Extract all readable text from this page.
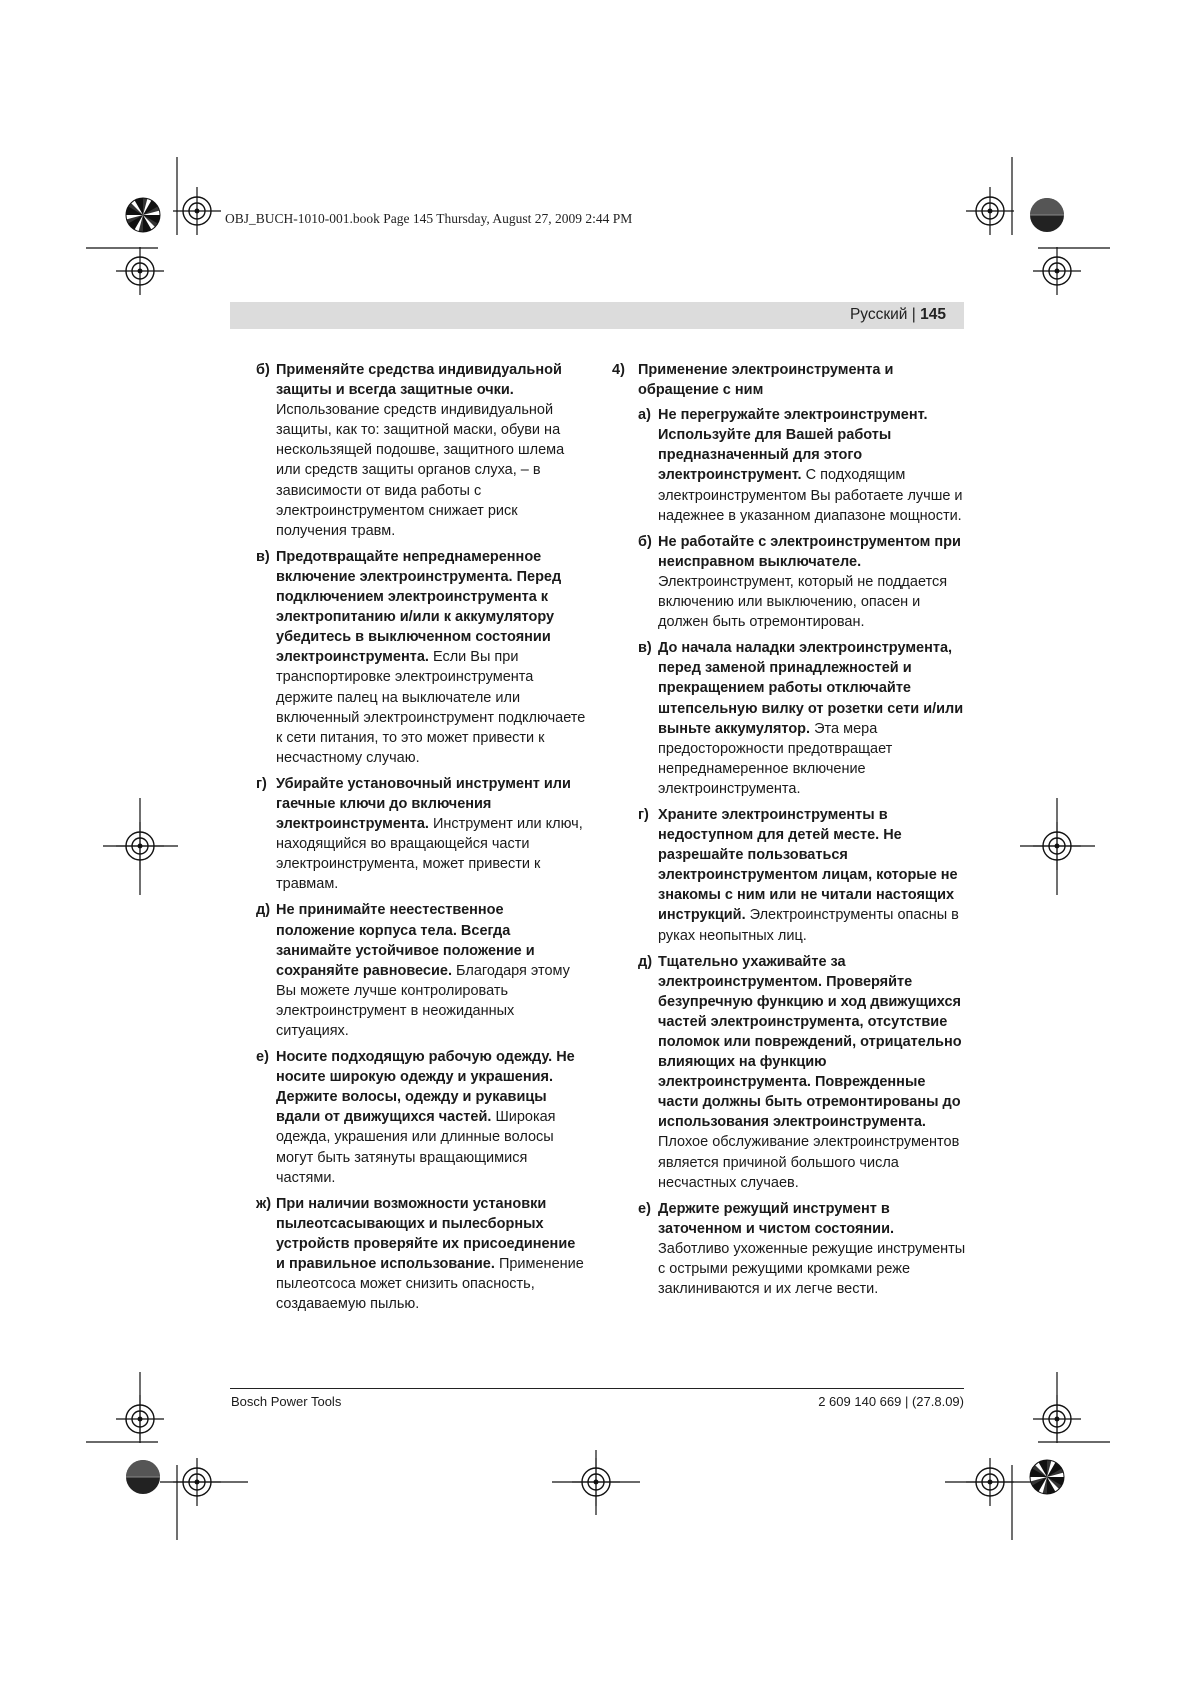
OBJ_BUCH-1010-001.book Page 145 Thursday, August 27, 2009 2:44 PM
Русский | 145
б) Применяйте средства индивидуальной защиты и всегда защитные очки. Использование средств индивидуальной защиты, как то: защитной маски, обуви на нескользящей подошве, защитного шлема или средств защиты органов слуха, – в зависимости от вида работы с электроинструментом снижает риск получения травм.
в) Предотвращайте непреднамеренное включение электроинструмента. Перед подключением электроинструмента к электропитанию и/или к аккумулятору убедитесь в выключенном состоянии электроинструмента. Если Вы при транспортировке электроинструмента держите палец на выключателе или включенный электроинструмент подключаете к сети питания, то это может привести к несчастному случаю.
г) Убирайте установочный инструмент или гаечные ключи до включения электроинструмента. Инструмент или ключ, находящийся во вращающейся части электроинструмента, может привести к травмам.
д) Не принимайте неестественное положение корпуса тела. Всегда занимайте устойчивое положение и сохраняйте равновесие. Благодаря этому Вы можете лучше контролировать электроинструмент в неожиданных ситуациях.
е) Носите подходящую рабочую одежду. Не носите широкую одежду и украшения. Держите волосы, одежду и рукавицы вдали от движущихся частей. Широкая одежда, украшения или длинные волосы могут быть затянуты вращающимися частями.
ж) При наличии возможности установки пылеотсасывающих и пылесборных устройств проверяйте их присоединение и правильное использование. Применение пылеотсоса может снизить опасность, создаваемую пылью.
4) Применение электроинструмента и обращение с ним
а) Не перегружайте электроинструмент. Используйте для Вашей работы предназначенный для этого электроинструмент. С подходящим электроинструментом Вы работаете лучше и надежнее в указанном диапазоне мощности.
б) Не работайте с электроинструментом при неисправном выключателе. Электроинструмент, который не поддается включению или выключению, опасен и должен быть отремонтирован.
в) До начала наладки электроинструмента, перед заменой принадлежностей и прекращением работы отключайте штепсельную вилку от розетки сети и/или выньте аккумулятор. Эта мера предосторожности предотвращает непреднамеренное включение электроинструмента.
г) Храните электроинструменты в недоступном для детей месте. Не разрешайте пользоваться электроинструментом лицам, которые не знакомы с ним или не читали настоящих инструкций. Электроинструменты опасны в руках неопытных лиц.
д) Тщательно ухаживайте за электроинструментом. Проверяйте безупречную функцию и ход движущихся частей электроинструмента, отсутствие поломок или повреждений, отрицательно влияющих на функцию электроинструмента. Поврежденные части должны быть отремонтированы до использования электроинструмента. Плохое обслуживание электроинструментов является причиной большого числа несчастных случаев.
е) Держите режущий инструмент в заточенном и чистом состоянии. Заботливо ухоженные режущие инструменты с острыми режущими кромками реже заклиниваются и их легче вести.
Bosch Power Tools	2 609 140 669 | (27.8.09)
